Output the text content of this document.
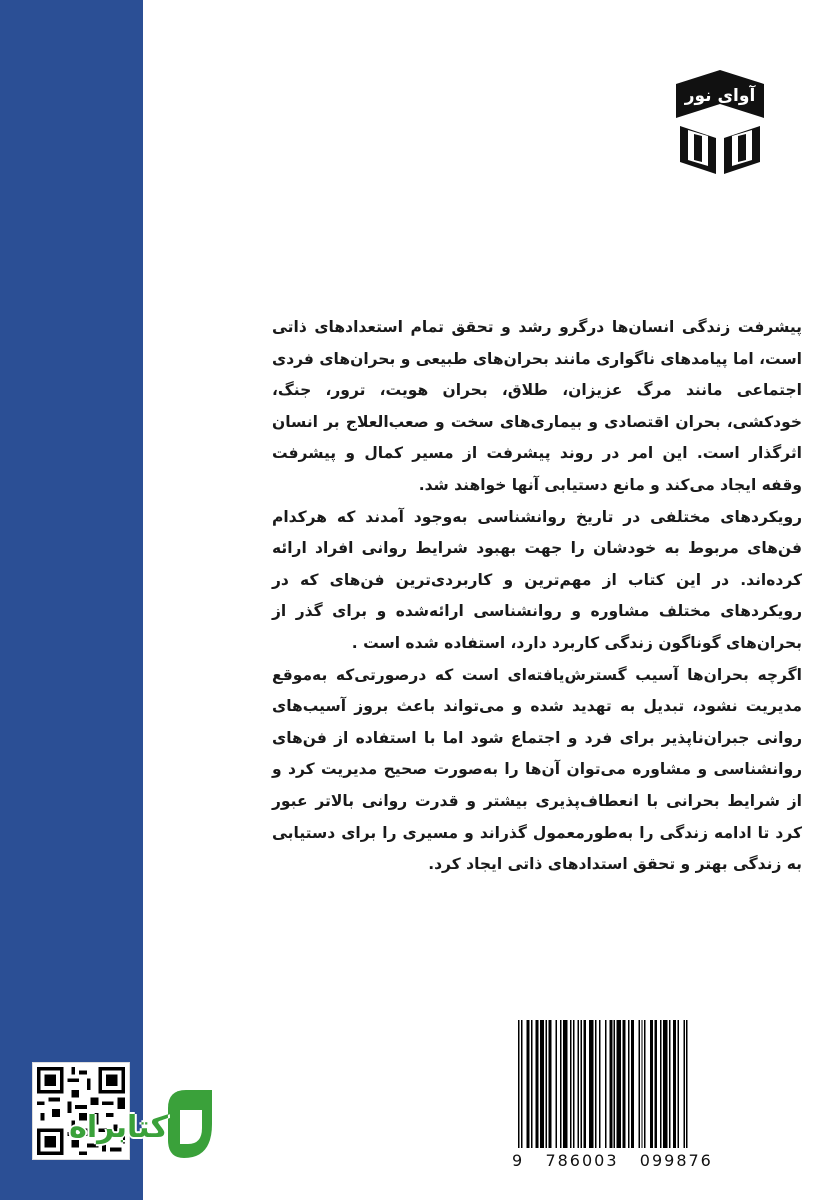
آوای نور

پیشرفت زندگی انسان‌ها درگرو رشد و تحقق تمام استعدادهای ذاتی است، اما پیامدهای ناگواری مانند بحران‌های طبیعی و بحران‌های فردی اجتماعی مانند مرگ عزیزان، طلاق، بحران هویت، ترور، جنگ، خودکشی، بحران اقتصادی و بیماری‌های سخت و صعب‌العلاج بر انسان اثرگذار است. این امر در روند پیشرفت از مسیر کمال و پیشرفت وقفه ایجاد می‌کند و مانع دستیابی آنها خواهند شد.

رویکردهای مختلفی در تاریخ روانشناسی به‌وجود آمدند که هرکدام فن‌های مربوط به خودشان را جهت بهبود شرایط روانی افراد ارائه کرده‌اند. در این کتاب از مهم‌ترین و کاربردی‌ترین فن‌های که در رویکردهای مختلف مشاوره و روانشناسی ارائه‌شده و برای گذر از بحران‌های گوناگون زندگی کاربرد دارد، استفاده شده است .

اگرچه بحران‌ها آسیب گسترش‌یافته‌ای است که درصورتی‌که به‌موقع مدیریت نشود، تبدیل به تهدید شده و می‌تواند باعث بروز آسیب‌های روانی جبران‌ناپذیر برای فرد و اجتماع شود اما با استفاده از فن‌های روانشناسی و مشاوره می‌توان آن‌ها را به‌صورت صحیح مدیریت کرد و از شرایط بحرانی با انعطاف‌پذیری بیشتر و قدرت روانی بالاتر عبور کرد تا ادامه زندگی را به‌طورمعمول گذراند و مسیری را برای دستیابی به زندگی بهتر و تحقق استدادهای ذاتی ایجاد کرد.

کتابراه
9   786003   099876
